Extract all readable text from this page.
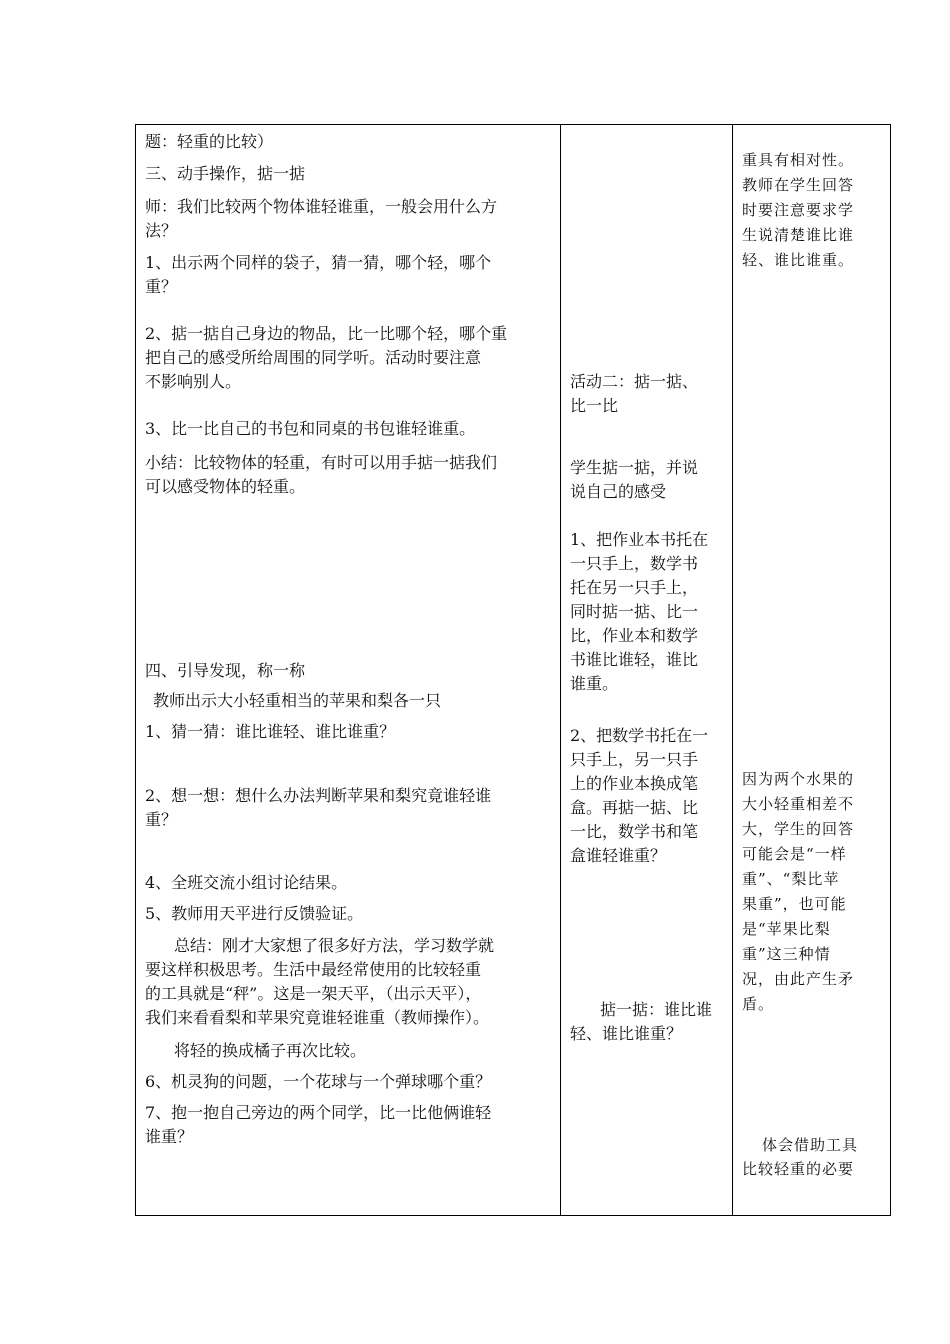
题：轻重的比较）
三、动手操作，掂一掂
师：我们比较两个物体谁轻谁重，一般会用什么方
法？
1、出示两个同样的袋子，猜一猜，哪个轻，哪个
重？
2、掂一掂自己身边的物品，比一比哪个轻，哪个重
把自己的感受所给周围的同学听。活动时要注意
不影响别人。
3、比一比自己的书包和同桌的书包谁轻谁重。
小结：比较物体的轻重，有时可以用手掂一掂我们
可以感受物体的轻重。
四、引导发现，称一称
教师出示大小轻重相当的苹果和梨各一只
1、猜一猜：谁比谁轻、谁比谁重？
2、想一想：想什么办法判断苹果和梨究竟谁轻谁
重？
4、全班交流小组讨论结果。
5、教师用天平进行反馈验证。
总结：刚才大家想了很多好方法，学习数学就
要这样积极思考。生活中最经常使用的比较轻重
的工具就是“秤”。这是一架天平，（出示天平），
我们来看看梨和苹果究竟谁轻谁重（教师操作）。
将轻的换成橘子再次比较。
6、机灵狗的问题，一个花球与一个弹球哪个重？
7、抱一抱自己旁边的两个同学，比一比他俩谁轻
谁重？
活动二：掂一掂、
比一比
学生掂一掂，并说
说自己的感受
1、把作业本书托在
一只手上，数学书
托在另一只手上，
同时掂一掂、比一
比，作业本和数学
书谁比谁轻，谁比
谁重。
2、把数学书托在一
只手上，另一只手
上的作业本换成笔
盒。再掂一掂、比
一比，数学书和笔
盒谁轻谁重？
掂一掂：谁比谁
轻、谁比谁重？
重具有相对性。
教师在学生回答
时要注意要求学
生说清楚谁比谁
轻、谁比谁重。
因为两个水果的
大小轻重相差不
大，学生的回答
可能会是“一样
重”、“梨比苹
果重”，也可能
是“苹果比梨
重”这三种情
况，由此产生矛
盾。
体会借助工具
比较轻重的必要
